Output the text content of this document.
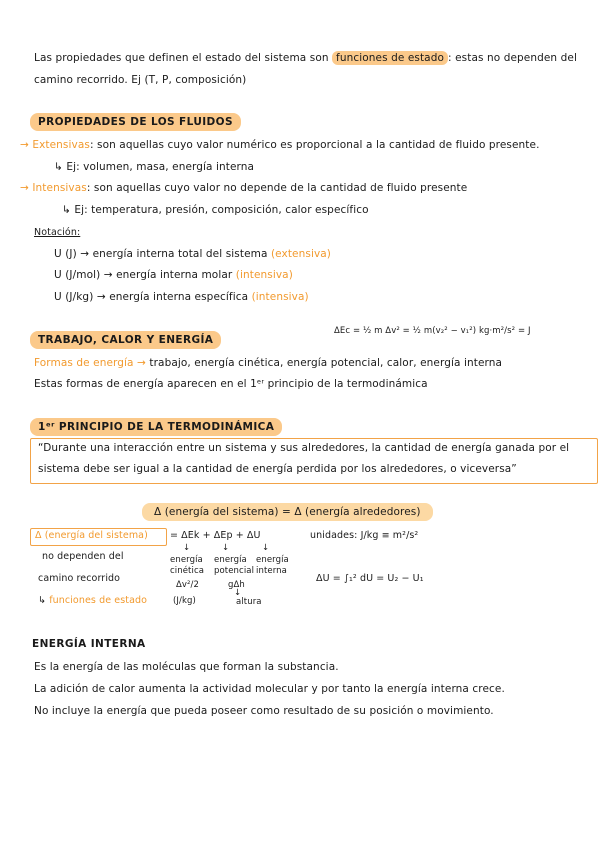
Las propiedades que definen el estado del sistema son funciones de estado : estas no dependen del
camino recorrido. Ej (T, P, composición)
PROPIEDADES DE LOS FLUIDOS
→ Extensivas: son aquellas cuyo valor numérico es proporcional a la cantidad de fluido presente.
↳ Ej: volumen, masa, energía interna
→ Intensivas: son aquellas cuyo valor no depende de la cantidad de fluido presente
↳ Ej: temperatura, presión, composición, calor específico
Notación:
U (J) → energía interna total del sistema (extensiva)
U (J/mol) → energía interna molar (intensiva)
U (J/kg) → energía interna específica (intensiva)
TRABAJO, CALOR Y ENERGÍA
ΔEc = ½ m Δv² = ½ m(v₂² − v₁²) kg·m²/s² = J
Formas de energía → trabajo, energía cinética, energía potencial, calor, energía interna
Estas formas de energía aparecen en el 1ᵉʳ principio de la termodinámica
1ᵉʳ PRINCIPIO DE LA TERMODINÁMICA
“Durante una interacción entre un sistema y sus alrededores, la cantidad de energía ganada por el
sistema debe ser igual a la cantidad de energía perdida por los alrededores, o viceversa”
Δ (energía del sistema) = Δ (energía alrededores)
Δ (energía del sistema) = ΔEk + ΔEp + ΔU	unidades: J/kg ≡ m²/s²
↓	↓	↓
energía cinética
energía potencial
energía interna
no dependen del
camino recorrido
↳ funciones de estado
Δv²/2
(J/kg)
gΔh
↓
altura
ΔU = ∫₁² dU = U₂ − U₁
ENERGÍA INTERNA
Es la energía de las moléculas que forman la substancia.
La adición de calor aumenta la actividad molecular y por tanto la energía interna crece.
No incluye la energía que pueda poseer como resultado de su posición o movimiento.
